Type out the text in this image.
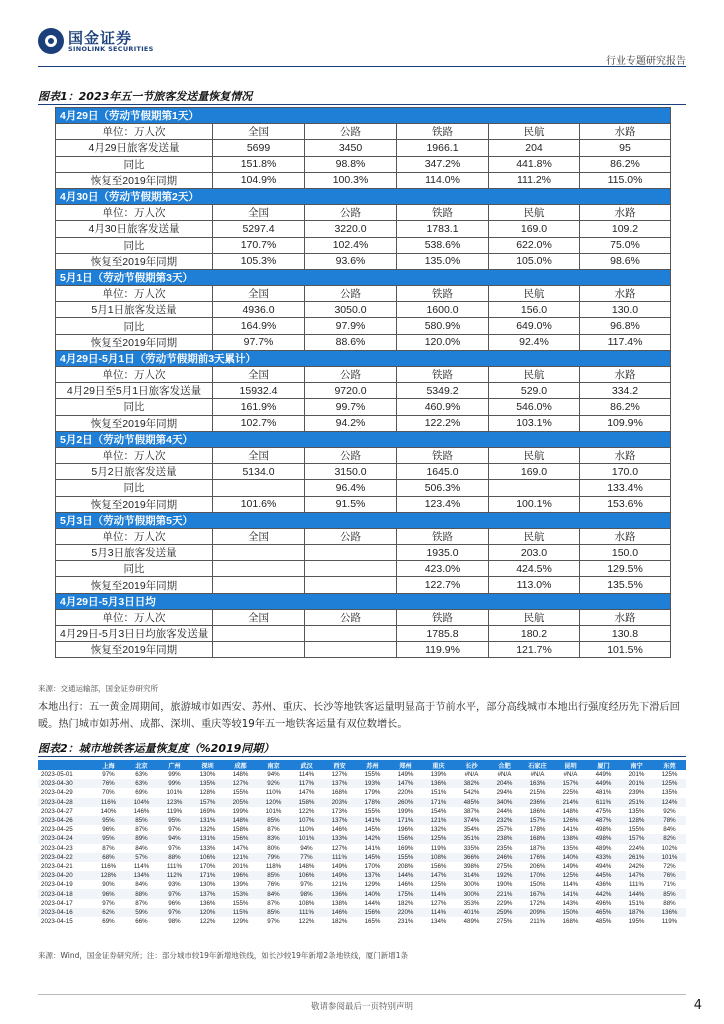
国金证券
SINOLINK SECURITIES
行业专题研究报告
图表1：2023年五一节旅客发送量恢复情况
4月29日（劳动节假期第1天）					
单位：万人次	全国	公路	铁路	民航	水路
4月29日旅客发送量	5699	3450	1966.1	204	95
同比	151.8%	98.8%	347.2%	441.8%	86.2%
恢复至2019年同期	104.9%	100.3%	114.0%	111.2%	115.0%
4月30日（劳动节假期第2天）					
单位：万人次	全国	公路	铁路	民航	水路
4月30日旅客发送量	5297.4	3220.0	1783.1	169.0	109.2
同比	170.7%	102.4%	538.6%	622.0%	75.0%
恢复至2019年同期	105.3%	93.6%	135.0%	105.0%	98.6%
5月1日（劳动节假期第3天）					
单位：万人次	全国	公路	铁路	民航	水路
5月1日旅客发送量	4936.0	3050.0	1600.0	156.0	130.0
同比	164.9%	97.9%	580.9%	649.0%	96.8%
恢复至2019年同期	97.7%	88.6%	120.0%	92.4%	117.4%
4月29日-5月1日（劳动节假期前3天累计）					
单位：万人次	全国	公路	铁路	民航	水路
4月29日至5月1日旅客发送量	15932.4	9720.0	5349.2	529.0	334.2
同比	161.9%	99.7%	460.9%	546.0%	86.2%
恢复至2019年同期	102.7%	94.2%	122.2%	103.1%	109.9%
5月2日（劳动节假期第4天）					
单位：万人次	全国	公路	铁路	民航	水路
5月2日旅客发送量	5134.0	3150.0	1645.0	169.0	170.0
同比		96.4%	506.3%		133.4%
恢复至2019年同期	101.6%	91.5%	123.4%	100.1%	153.6%
5月3日（劳动节假期第5天）					
单位：万人次	全国	公路	铁路	民航	水路
5月3日旅客发送量			1935.0	203.0	150.0
同比			423.0%	424.5%	129.5%
恢复至2019年同期			122.7%	113.0%	135.5%
4月29日-5月3日日均					
单位：万人次	全国	公路	铁路	民航	水路
4月29日-5月3日日均旅客发送量			1785.8	180.2	130.8
恢复至2019年同期			119.9%	121.7%	101.5%
来源：交通运输部，国金证券研究所
本地出行：五一黄金周期间，旅游城市如西安、苏州、重庆、长沙等地铁客运量明显高于节前水平，部分高线城市本地出行强度经历先下滑后回暖。热门城市如苏州、成都、深圳、重庆等较19年五一地铁客运量有双位数增长。
图表2：城市地铁客运量恢复度（%2019同期）
	上海	北京	广州	深圳	成都	南京	武汉	西安	苏州	郑州	重庆	长沙	合肥	石家庄	昆明	厦门	南宁	东莞
2023-05-01	97%	63%	99%	130%	148%	94%	114%	127%	155%	149%	139%	#N/A	#N/A	#N/A	#N/A	449%	201%	125%
2023-04-30	76%	63%	99%	135%	127%	92%	117%	137%	193%	147%	136%	382%	204%	163%	157%	449%	201%	125%
2023-04-29	70%	69%	101%	128%	155%	110%	147%	168%	179%	220%	151%	542%	294%	215%	225%	481%	239%	135%
2023-04-28	116%	104%	123%	157%	205%	120%	158%	203%	178%	260%	171%	485%	340%	236%	214%	611%	251%	124%
2023-04-27	140%	146%	119%	169%	199%	101%	122%	173%	155%	199%	154%	387%	244%	186%	148%	475%	135%	92%
2023-04-26	95%	85%	95%	131%	148%	85%	107%	137%	141%	171%	121%	374%	232%	157%	126%	487%	128%	78%
2023-04-25	96%	87%	97%	132%	158%	87%	110%	146%	145%	196%	132%	354%	257%	178%	141%	498%	155%	84%
2023-04-24	95%	89%	94%	131%	156%	83%	101%	133%	142%	156%	125%	351%	238%	168%	138%	498%	157%	82%
2023-04-23	87%	84%	97%	133%	147%	80%	94%	127%	141%	169%	119%	335%	235%	187%	135%	489%	224%	102%
2023-04-22	68%	57%	88%	106%	121%	79%	77%	111%	145%	155%	108%	366%	246%	176%	140%	433%	261%	101%
2023-04-21	116%	114%	111%	170%	201%	118%	148%	149%	170%	208%	156%	398%	275%	206%	149%	494%	242%	72%
2023-04-20	128%	134%	112%	171%	196%	85%	106%	149%	137%	144%	147%	314%	192%	170%	125%	445%	147%	76%
2023-04-19	90%	84%	93%	130%	139%	76%	97%	121%	129%	146%	125%	300%	190%	150%	114%	436%	111%	71%
2023-04-18	96%	88%	97%	137%	153%	84%	98%	136%	140%	175%	114%	300%	221%	167%	141%	442%	144%	85%
2023-04-17	97%	87%	96%	136%	155%	87%	108%	138%	144%	182%	127%	353%	229%	172%	143%	496%	151%	88%
2023-04-16	62%	59%	97%	120%	115%	85%	111%	146%	156%	220%	114%	401%	259%	209%	150%	465%	187%	136%
2023-04-15	69%	66%	98%	122%	129%	97%	122%	182%	165%	231%	134%	489%	275%	211%	168%	485%	195%	119%
来源：Wind，国金证券研究所；注：部分城市较19年新增地铁线，如长沙较19年新增2条地铁线，厦门新增1条
敬请参阅最后一页特别声明	4
